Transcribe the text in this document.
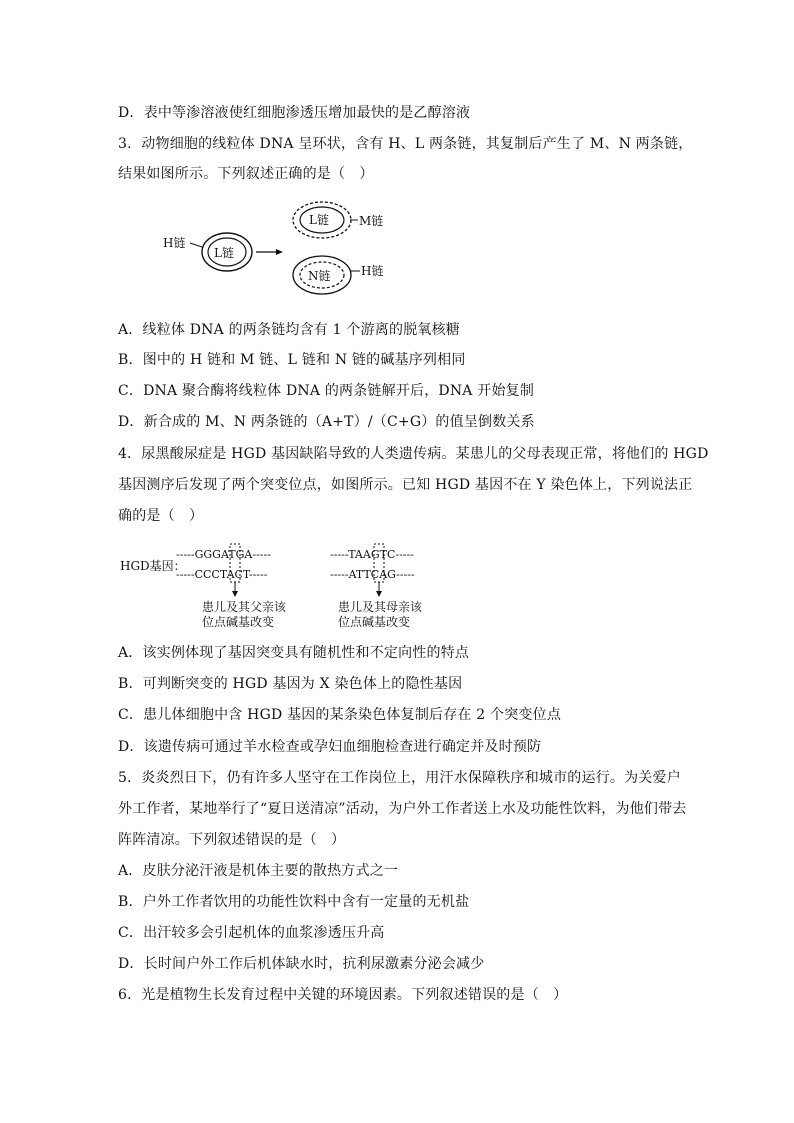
D．表中等渗溶液使红细胞渗透压增加最快的是乙醇溶液
3．动物细胞的线粒体 DNA 呈环状，含有 H、L 两条链，其复制后产生了 M、N 两条链，
结果如图所示。下列叙述正确的是（　）
H链
L链
L链	M链
N链	H链
A．线粒体 DNA 的两条链均含有 1 个游离的脱氧核糖
B．图中的 H 链和 M 链、L 链和 N 链的碱基序列相同
C．DNA 聚合酶将线粒体 DNA 的两条链解开后，DNA 开始复制
D．新合成的 M、N 两条链的（A+T）/（C+G）的值呈倒数关系
4．尿黑酸尿症是 HGD 基因缺陷导致的人类遗传病。某患儿的父母表现正常，将他们的 HGD
基因测序后发现了两个突变位点，如图所示。已知 HGD 基因不在 Y 染色体上，下列说法正
确的是（　）
HGD基因：
-----GGGATGA-----
-----CCCTACT-----
-----TAAGTC-----
-----ATTCAG-----
患儿及其父亲该
位点碱基改变
患儿及其母亲该
位点碱基改变
A．该实例体现了基因突变具有随机性和不定向性的特点
B．可判断突变的 HGD 基因为 X 染色体上的隐性基因
C．患儿体细胞中含 HGD 基因的某条染色体复制后存在 2 个突变位点
D．该遗传病可通过羊水检查或孕妇血细胞检查进行确定并及时预防
5．炎炎烈日下，仍有许多人坚守在工作岗位上，用汗水保障秩序和城市的运行。为关爱户
外工作者，某地举行了“夏日送清凉”活动，为户外工作者送上水及功能性饮料，为他们带去
阵阵清凉。下列叙述错误的是（　）
A．皮肤分泌汗液是机体主要的散热方式之一
B．户外工作者饮用的功能性饮料中含有一定量的无机盐
C．出汗较多会引起机体的血浆渗透压升高
D．长时间户外工作后机体缺水时，抗利尿激素分泌会减少
6．光是植物生长发育过程中关键的环境因素。下列叙述错误的是（　）
